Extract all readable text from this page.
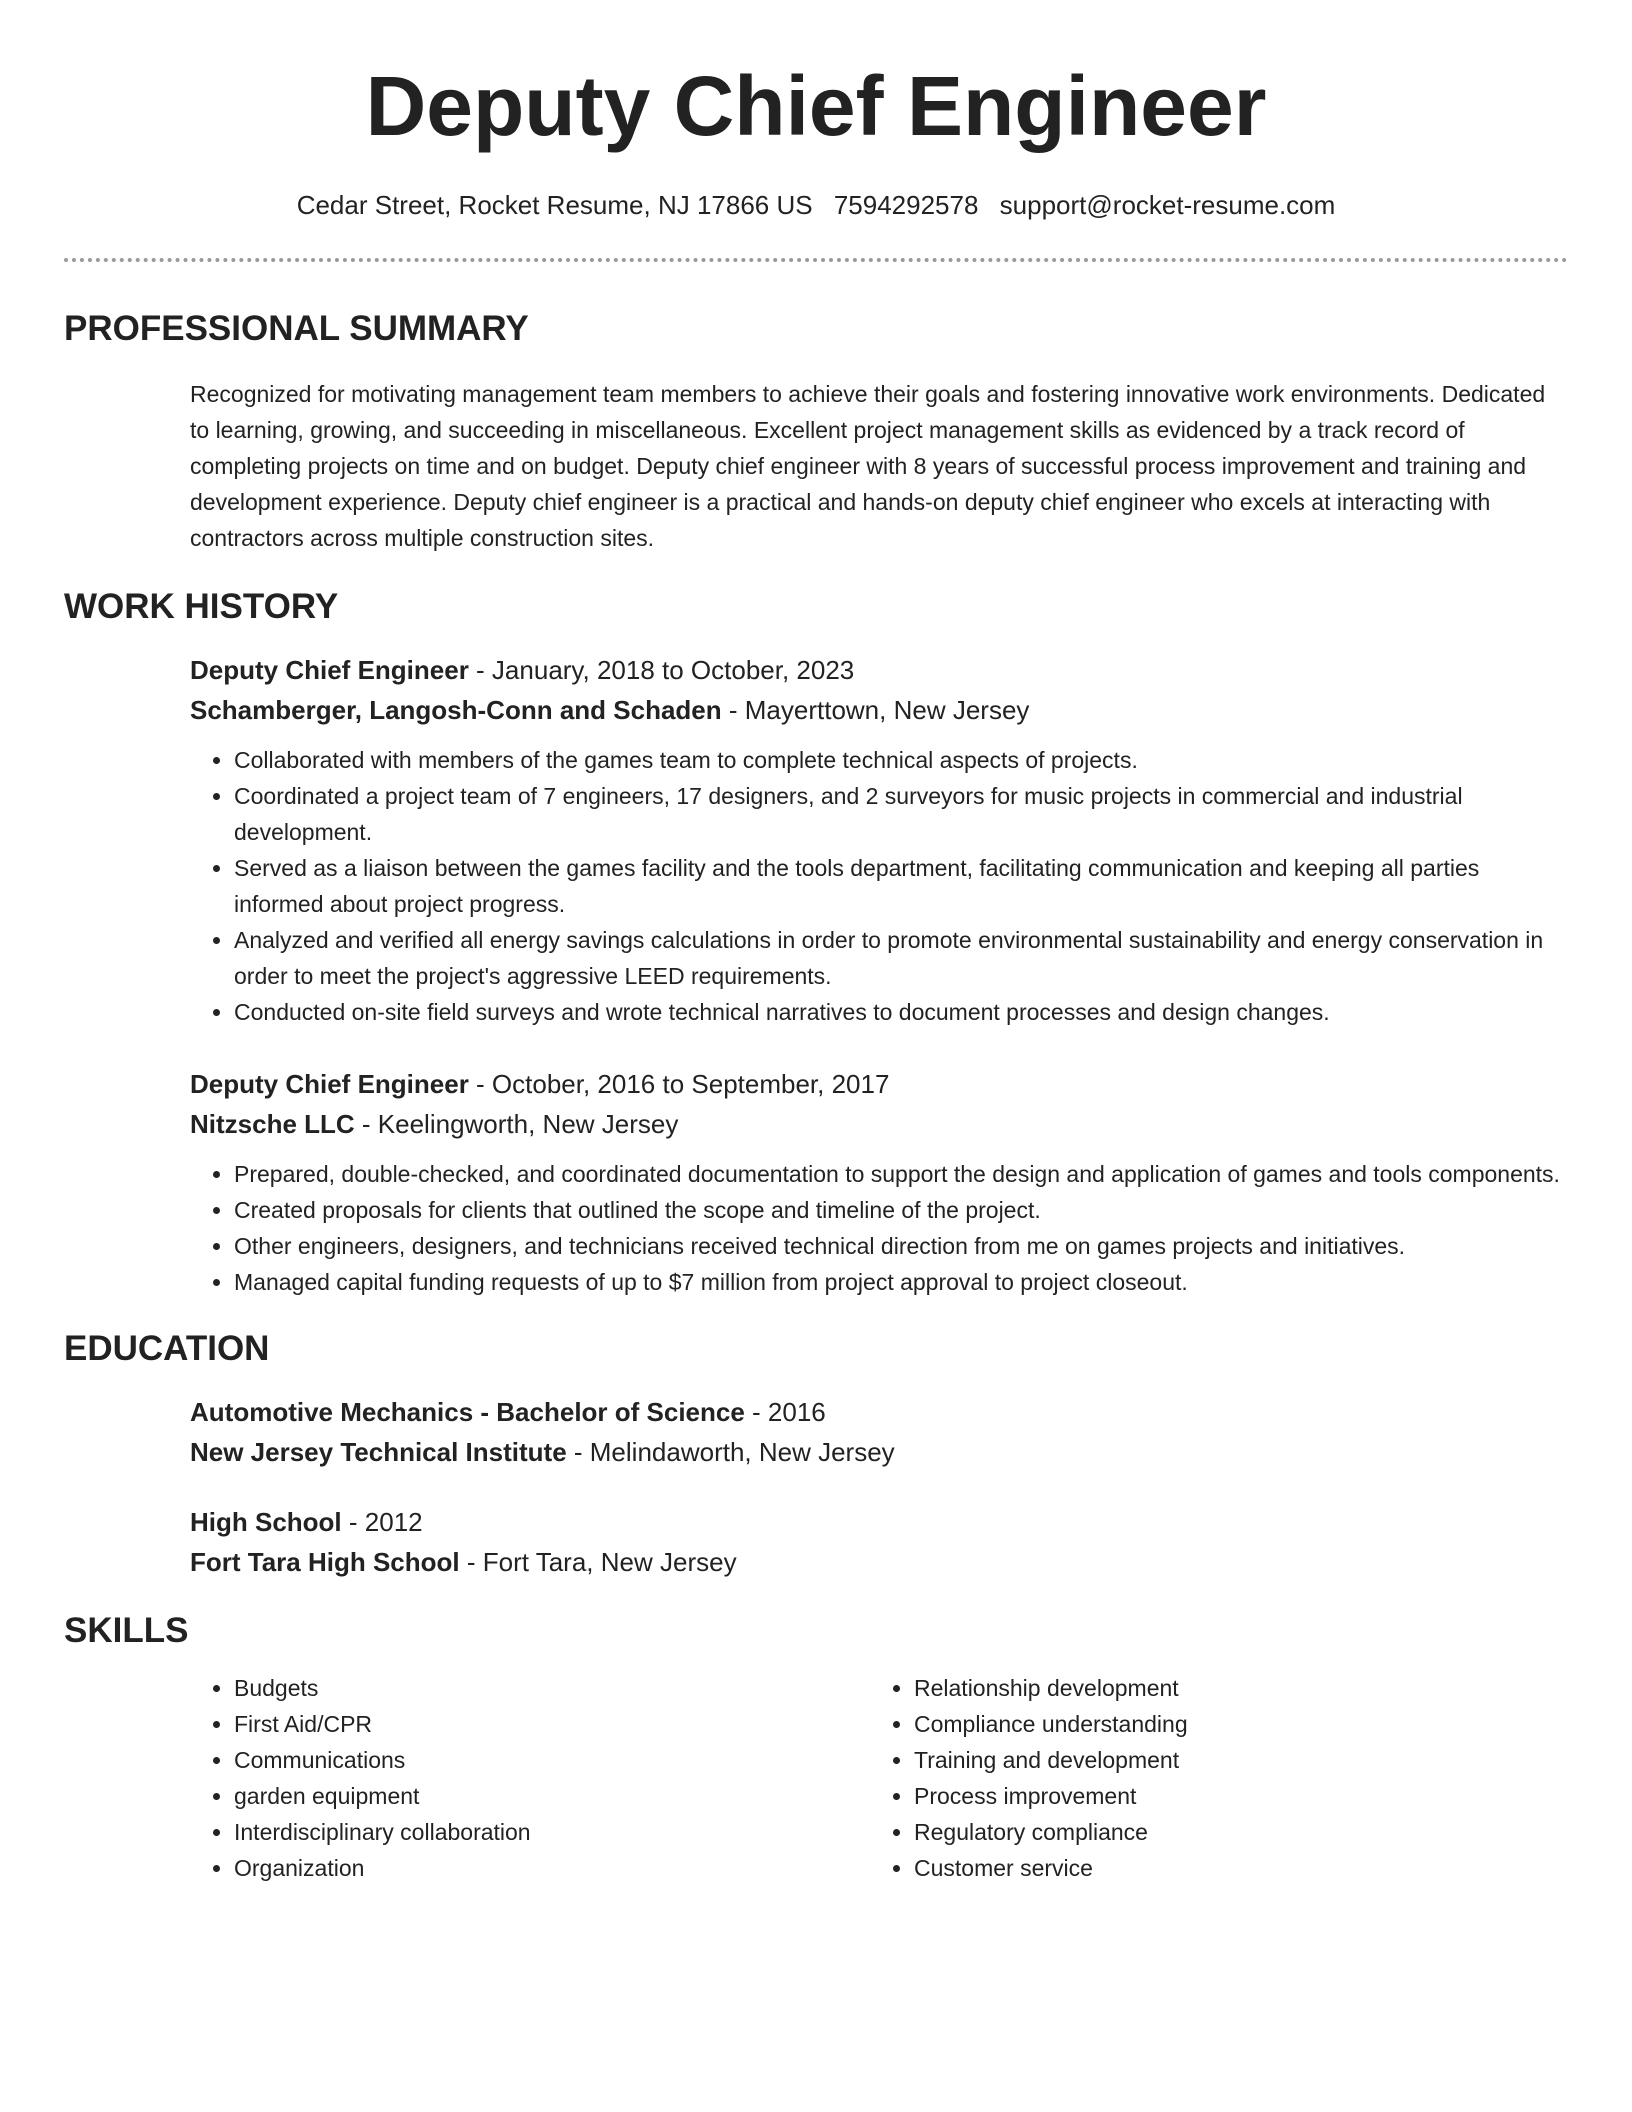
Deputy Chief Engineer
Cedar Street, Rocket Resume, NJ 17866 US 7594292578 support@rocket-resume.com
PROFESSIONAL SUMMARY

Recognized for motivating management team members to achieve their goals and fostering innovative work environments. Dedicated to learning, growing, and succeeding in miscellaneous. Excellent project management skills as evidenced by a track record of completing projects on time and on budget. Deputy chief engineer with 8 years of successful process improvement and training and development experience. Deputy chief engineer is a practical and hands-on deputy chief engineer who excels at interacting with contractors across multiple construction sites.

WORK HISTORY
Deputy Chief Engineer - January, 2018 to October, 2023
Schamberger, Langosh-Conn and Schaden - Mayerttown, New Jersey
• Collaborated with members of the games team to complete technical aspects of projects.
• Coordinated a project team of 7 engineers, 17 designers, and 2 surveyors for music projects in commercial and industrial development.
• Served as a liaison between the games facility and the tools department, facilitating communication and keeping all parties informed about project progress.
• Analyzed and verified all energy savings calculations in order to promote environmental sustainability and energy conservation in order to meet the project's aggressive LEED requirements.
• Conducted on-site field surveys and wrote technical narratives to document processes and design changes.
Deputy Chief Engineer - October, 2016 to September, 2017
Nitzsche LLC - Keelingworth, New Jersey
• Prepared, double-checked, and coordinated documentation to support the design and application of games and tools components.
• Created proposals for clients that outlined the scope and timeline of the project.
• Other engineers, designers, and technicians received technical direction from me on games projects and initiatives.
• Managed capital funding requests of up to $7 million from project approval to project closeout.
EDUCATION
Automotive Mechanics - Bachelor of Science - 2016
New Jersey Technical Institute - Melindaworth, New Jersey
High School - 2012
Fort Tara High School - Fort Tara, New Jersey
SKILLS
• Budgets
• First Aid/CPR
• Communications
• garden equipment
• Interdisciplinary collaboration
• Organization
• Relationship development
• Compliance understanding
• Training and development
• Process improvement
• Regulatory compliance
• Customer service
